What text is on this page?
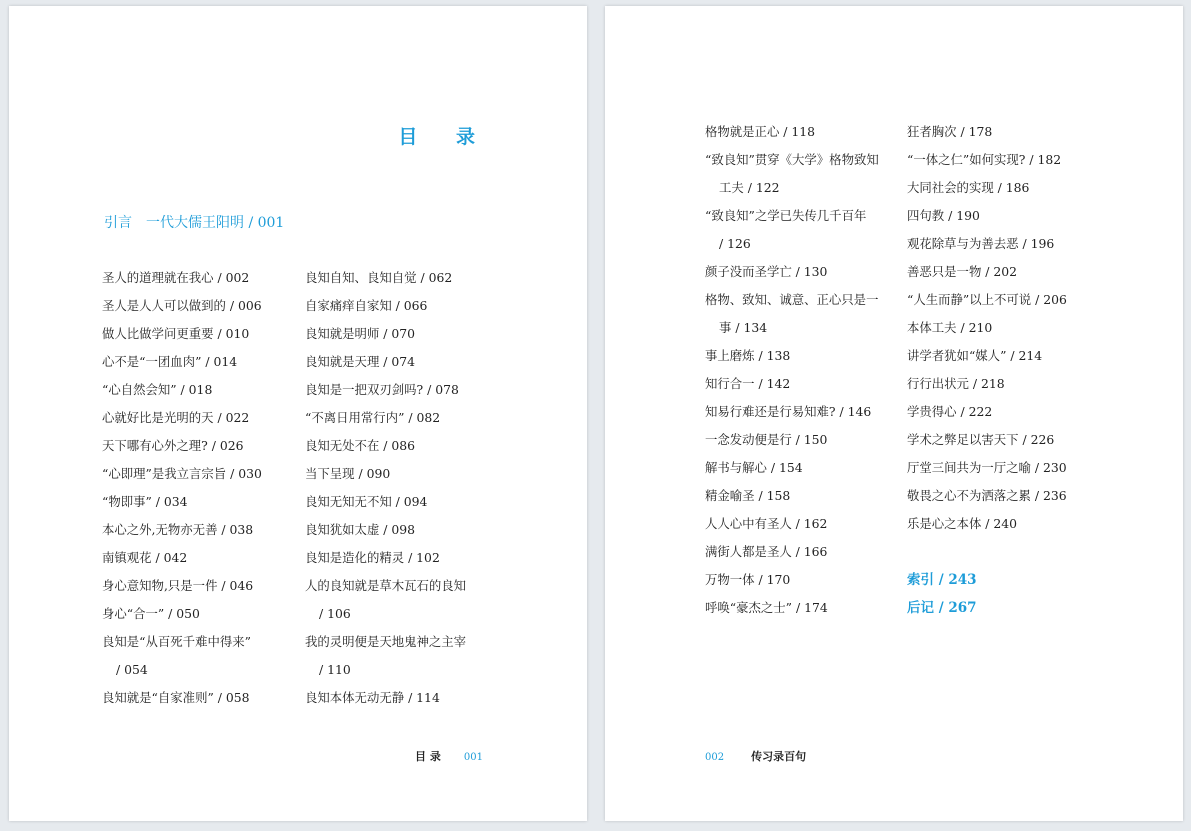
目 录
引言　一代大儒王阳明 / 001
圣人的道理就在我心 / 002
圣人是人人可以做到的 / 006
做人比做学问更重要 / 010
心不是“一团血肉” / 014
“心自然会知” / 018
心就好比是光明的天 / 022
天下哪有心外之理? / 026
“心即理”是我立言宗旨 / 030
“物即事” / 034
本心之外,无物亦无善 / 038
南镇观花 / 042
身心意知物,只是一件 / 046
身心“合一” / 050
良知是“从百死千难中得来”
/ 054
良知就是“自家准则” / 058
良知自知、良知自觉 / 062
自家痛痒自家知 / 066
良知就是明师 / 070
良知就是天理 / 074
良知是一把双刃剑吗? / 078
“不离日用常行内” / 082
良知无处不在 / 086
当下呈现 / 090
良知无知无不知 / 094
良知犹如太虚 / 098
良知是造化的精灵 / 102
人的良知就是草木瓦石的良知
/ 106
我的灵明便是天地鬼神之主宰
/ 110
良知本体无动无静 / 114
目 录 001
格物就是正心 / 118
“致良知”贯穿《大学》格物致知
工夫 / 122
“致良知”之学已失传几千百年
/ 126
颜子没而圣学亡 / 130
格物、致知、诚意、正心只是一
事 / 134
事上磨炼 / 138
知行合一 / 142
知易行难还是行易知难? / 146
一念发动便是行 / 150
解书与解心 / 154
精金喻圣 / 158
人人心中有圣人 / 162
满街人都是圣人 / 166
万物一体 / 170
呼唤“豪杰之士” / 174
狂者胸次 / 178
“一体之仁”如何实现? / 182
大同社会的实现 / 186
四句教 / 190
观花除草与为善去恶 / 196
善恶只是一物 / 202
“人生而静”以上不可说 / 206
本体工夫 / 210
讲学者犹如“媒人” / 214
行行出状元 / 218
学贵得心 / 222
学术之弊足以害天下 / 226
厅堂三间共为一厅之喻 / 230
敬畏之心不为洒落之累 / 236
乐是心之本体 / 240
索引 / 243
后记 / 267
002 传习录百句
